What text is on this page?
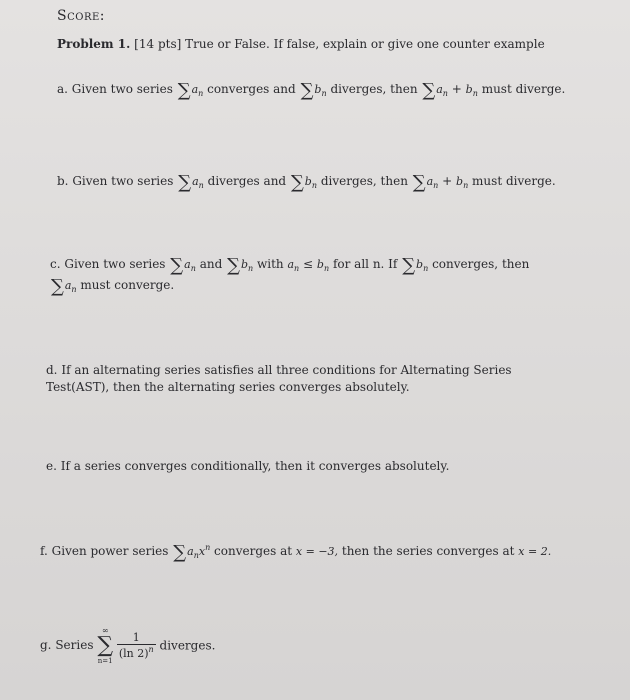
Score:
Problem 1. [14 pts] True or False. If false, explain or give one counter example
a. Given two series $\sum a_n$ converges and $\sum b_n$ diverges, then $\sum a_n + b_n$ must diverge.
b. Given two series $\sum a_n$ diverges and $\sum b_n$ diverges, then $\sum a_n + b_n$ must diverge.
c. Given two series $\sum a_n$ and $\sum b_n$ with $a_n \le b_n$ for all n. If $\sum b_n$ converges, then $\sum a_n$ must converge.
d. If an alternating series satisfies all three conditions for Alternating Series Test(AST), then the alternating series converges absolutely.
e. If a series converges conditionally, then it converges absolutely.
f. Given power series $\sum a_nx^n$ converges at x = −3, then the series converges at x = 2.
g. Series
∞
∑
n=1

$\frac{1}{(\ln 2)^n}$ diverges.
